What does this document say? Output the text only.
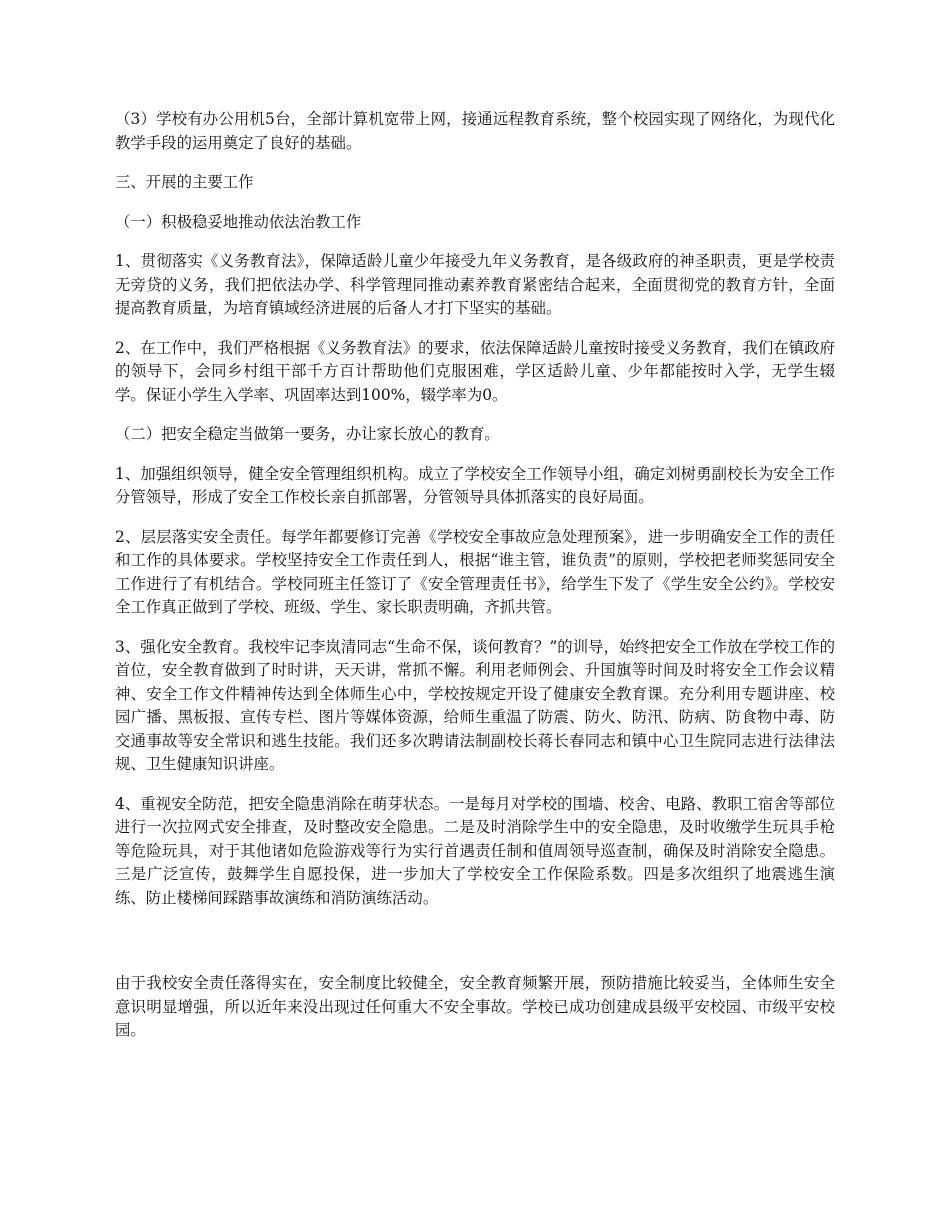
（3）学校有办公用机5台，全部计算机宽带上网，接通远程教育系统，整个校园实现了网络化，为现代化教学手段的运用奠定了良好的基础。

三、开展的主要工作

（一）积极稳妥地推动依法治教工作

1、贯彻落实《义务教育法》，保障适龄儿童少年接受九年义务教育，是各级政府的神圣职责，更是学校责无旁贷的义务，我们把依法办学、科学管理同推动素养教育紧密结合起来，全面贯彻党的教育方针，全面提高教育质量，为培育镇域经济进展的后备人才打下坚实的基础。

2、在工作中，我们严格根据《义务教育法》的要求，依法保障适龄儿童按时接受义务教育，我们在镇政府的领导下，会同乡村组干部千方百计帮助他们克服困难，学区适龄儿童、少年都能按时入学，无学生辍学。保证小学生入学率、巩固率达到100%，辍学率为0。

（二）把安全稳定当做第一要务，办让家长放心的教育。

1、加强组织领导，健全安全管理组织机构。成立了学校安全工作领导小组，确定刘树勇副校长为安全工作分管领导，形成了安全工作校长亲自抓部署，分管领导具体抓落实的良好局面。

2、层层落实安全责任。每学年都要修订完善《学校安全事故应急处理预案》，进一步明确安全工作的责任和工作的具体要求。学校坚持安全工作责任到人，根据“谁主管，谁负责”的原则，学校把老师奖惩同安全工作进行了有机结合。学校同班主任签订了《安全管理责任书》，给学生下发了《学生安全公约》。学校安全工作真正做到了学校、班级、学生、家长职责明确，齐抓共管。

3、强化安全教育。我校牢记李岚清同志“生命不保，谈何教育？”的训导，始终把安全工作放在学校工作的首位，安全教育做到了时时讲，天天讲，常抓不懈。利用老师例会、升国旗等时间及时将安全工作会议精神、安全工作文件精神传达到全体师生心中，学校按规定开设了健康安全教育课。充分利用专题讲座、校园广播、黑板报、宣传专栏、图片等媒体资源，给师生重温了防震、防火、防汛、防病、防食物中毒、防交通事故等安全常识和逃生技能。我们还多次聘请法制副校长蒋长春同志和镇中心卫生院同志进行法律法规、卫生健康知识讲座。

4、重视安全防范，把安全隐患消除在萌芽状态。一是每月对学校的围墙、校舍、电路、教职工宿舍等部位进行一次拉网式安全排查，及时整改安全隐患。二是及时消除学生中的安全隐患，及时收缴学生玩具手枪等危险玩具，对于其他诸如危险游戏等行为实行首遇责任制和值周领导巡查制，确保及时消除安全隐患。三是广泛宣传，鼓舞学生自愿投保，进一步加大了学校安全工作保险系数。四是多次组织了地震逃生演练、防止楼梯间踩踏事故演练和消防演练活动。

由于我校安全责任落得实在，安全制度比较健全，安全教育频繁开展，预防措施比较妥当，全体师生安全意识明显增强，所以近年来没出现过任何重大不安全事故。学校已成功创建成县级平安校园、市级平安校园。
